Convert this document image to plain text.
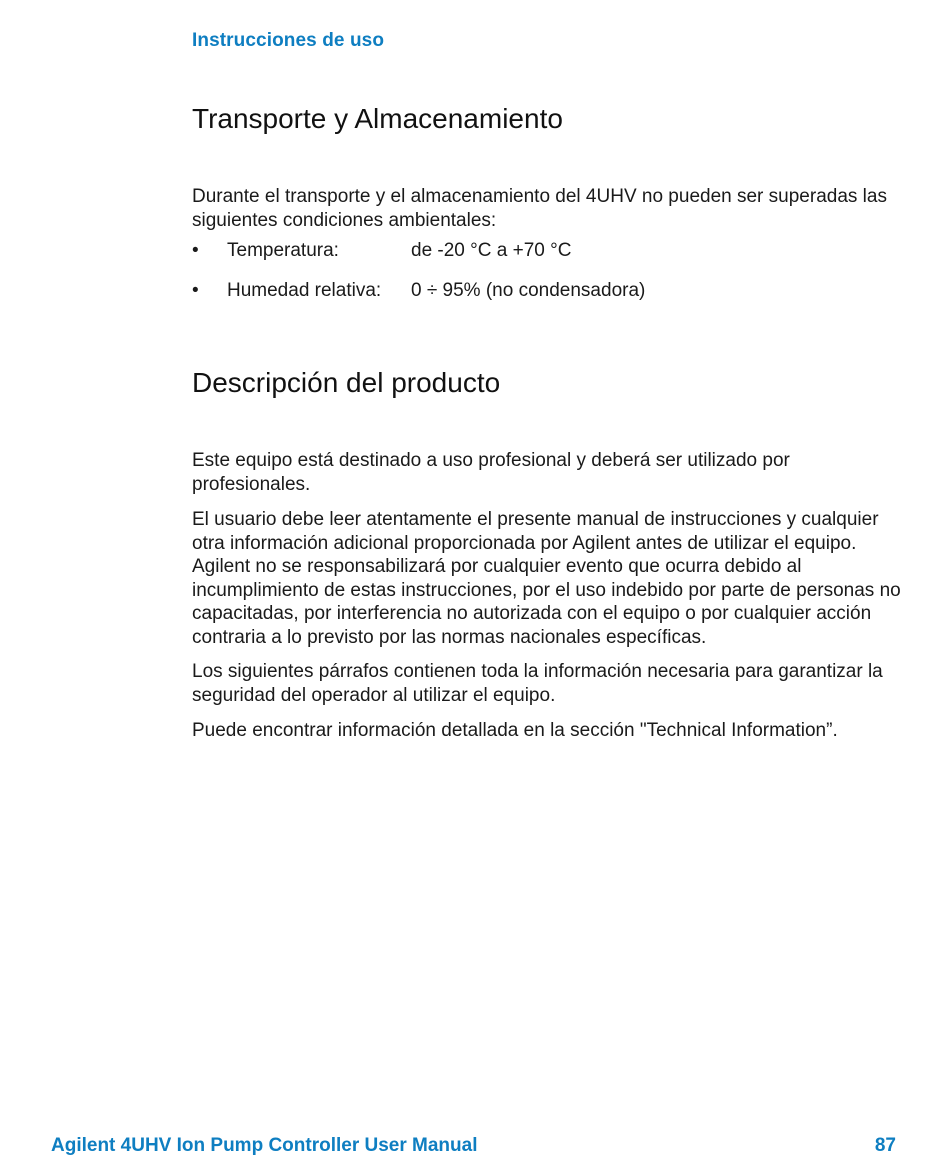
Instrucciones de uso
Transporte y Almacenamiento

Durante el transporte y el almacenamiento del 4UHV no pueden ser superadas las siguientes condiciones ambientales:

• Temperatura:	de -20 °C a +70 °C
• Humedad relativa: 0 ÷ 95% (no condensadora)
Descripción del producto

Este equipo está destinado a uso profesional y deberá ser utilizado por profesionales.

El usuario debe leer atentamente el presente manual de instrucciones y cualquier otra información adicional proporcionada por Agilent antes de utilizar el equipo. Agilent no se responsabilizará por cualquier evento que ocurra debido al incumplimiento de estas instrucciones, por el uso indebido por parte de personas no capacitadas, por interferencia no autorizada con el equipo o por cualquier acción contraria a lo previsto por las normas nacionales específicas.

Los siguientes párrafos contienen toda la información necesaria para garantizar la seguridad del operador al utilizar el equipo.

Puede encontrar información detallada en la sección "Technical Information”.

Agilent 4UHV Ion Pump Controller User Manual	87
